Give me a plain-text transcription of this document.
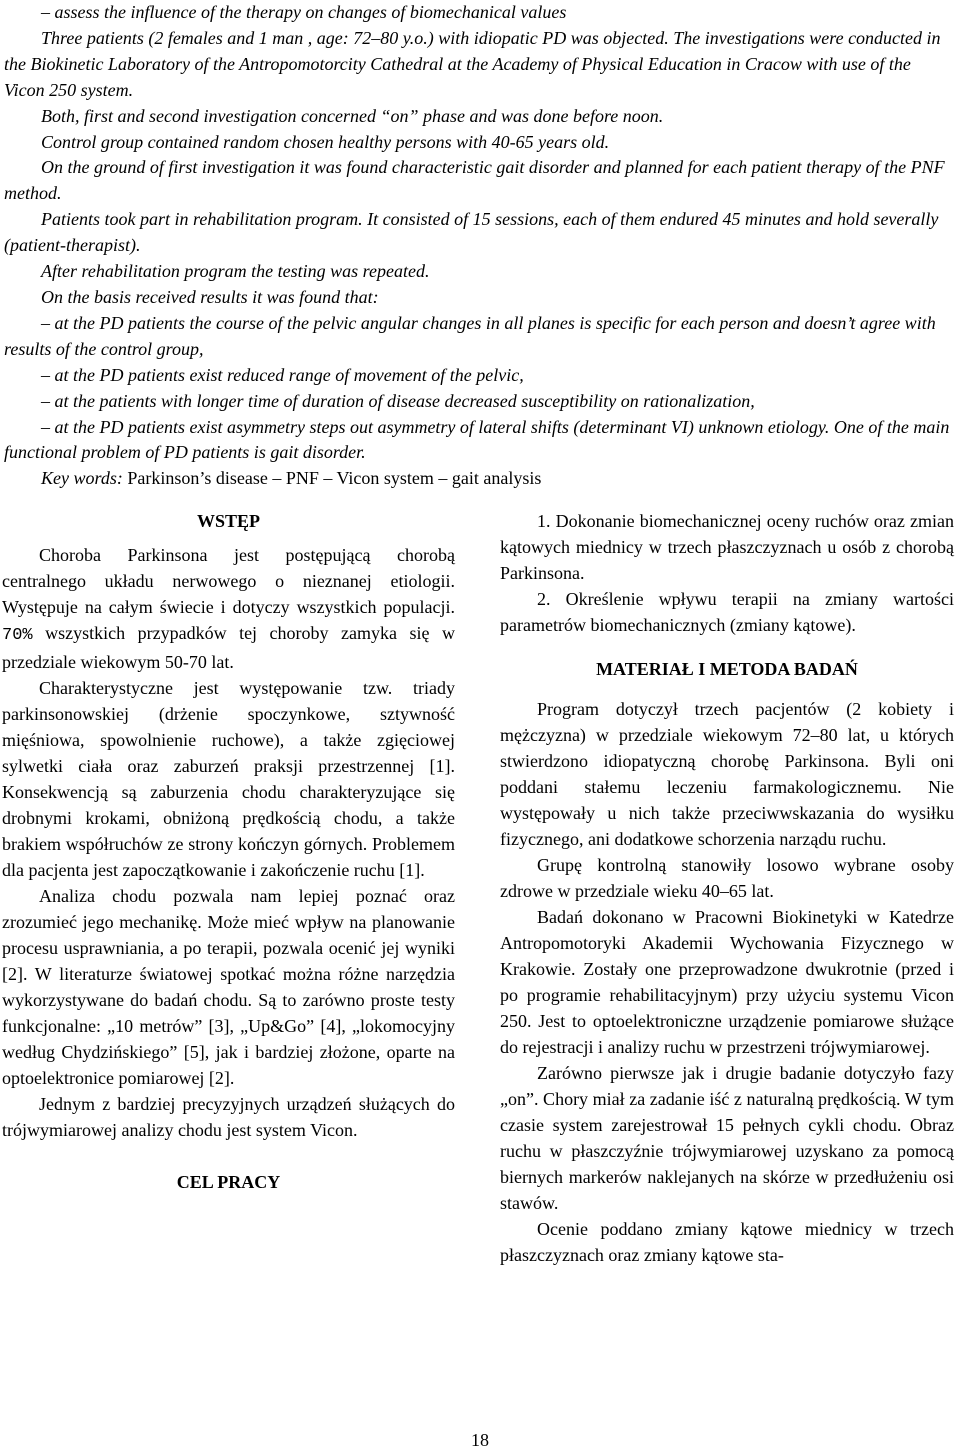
– assess the influence of the therapy on changes of biomechanical values

Three patients (2 females and 1 man , age: 72–80 y.o.) with idiopatic PD was objected. The investigations were conducted in the Biokinetic Laboratory of the Antropomotorcity Cathedral at the Academy of Physical Education in Cracow with use of the Vicon 250 system.

Both, first and second investigation concerned “on” phase and was done before noon.

Control group contained random chosen healthy persons with 40-65 years old.

On the ground of first investigation it was found characteristic gait disorder and planned for each patient therapy of the PNF method.

Patients took part in rehabilitation program. It consisted of 15 sessions, each of them endured 45 minutes and hold severally (patient-therapist).

After rehabilitation program the testing was repeated.

On the basis received results it was found that:

– at the PD patients the course of the pelvic angular changes in all planes is specific for each person and doesn’t agree with results of the control group,

– at the PD patients exist reduced range of movement of the pelvic,

– at the patients with longer time of duration of disease decreased susceptibility on rationalization,

– at the PD patients exist asymmetry steps out asymmetry of lateral shifts (determinant VI) unknown etiology. One of the main functional problem of PD patients is gait disorder.

Key words: Parkinson’s disease – PNF – Vicon system – gait analysis

WSTĘP

Choroba Parkinsona jest postępującą chorobą centralnego układu nerwowego o nieznanej etiologii. Występuje na całym świecie i dotyczy wszystkich populacji. 70% wszystkich przypadków tej choroby zamyka się w przedziale wiekowym 50-70 lat.

Charakterystyczne jest występowanie tzw. triady parkinsonowskiej (drżenie spoczynkowe, sztywność mięśniowa, spowolnienie ruchowe), a także zgięciowej sylwetki ciała oraz zaburzeń praksji przestrzennej [1]. Konsekwencją są zaburzenia chodu charakteryzujące się drobnymi krokami, obniżoną prędkością chodu, a także brakiem współruchów ze strony kończyn górnych. Problemem dla pacjenta jest zapoczątkowanie i zakończenie ruchu [1].

Analiza chodu pozwala nam lepiej poznać oraz zrozumieć jego mechanikę. Może mieć wpływ na planowanie procesu usprawniania, a po terapii, pozwala ocenić jej wyniki [2]. W literaturze światowej spotkać można różne narzędzia wykorzystywane do badań chodu. Są to zarówno proste testy funkcjonalne: „10 metrów” [3], „Up&Go” [4], „lokomocyjny według Chydzińskiego” [5], jak i bardziej złożone, oparte na optoelektronice pomiarowej [2].

Jednym z bardziej precyzyjnych urządzeń służących do trójwymiarowej analizy chodu jest system Vicon.

CEL PRACY

1. Dokonanie biomechanicznej oceny ruchów oraz zmian kątowych miednicy w trzech płaszczyznach u osób z chorobą Parkinsona.

2. Określenie wpływu terapii na zmiany wartości parametrów biomechanicznych (zmiany kątowe).

MATERIAŁ I METODA BADAŃ

Program dotyczył trzech pacjentów (2 kobiety i mężczyzna) w przedziale wiekowym 72–80 lat, u których stwierdzono idiopatyczną chorobę Parkinsona. Byli oni poddani stałemu leczeniu farmakologicznemu. Nie występowały u nich także przeciwwskazania do wysiłku fizycznego, ani dodatkowe schorzenia narządu ruchu.

Grupę kontrolną stanowiły losowo wybrane osoby zdrowe w przedziale wieku 40–65 lat.

Badań dokonano w Pracowni Biokinetyki w Katedrze Antropomotoryki Akademii Wychowania Fizycznego w Krakowie. Zostały one przeprowadzone dwukrotnie (przed i po programie rehabilitacyjnym) przy użyciu systemu Vicon 250. Jest to optoelektroniczne urządzenie pomiarowe służące do rejestracji i analizy ruchu w przestrzeni trójwymiarowej.

Zarówno pierwsze jak i drugie badanie dotyczyło fazy „on”. Chory miał za zadanie iść z naturalną prędkością. W tym czasie system zarejestrował 15 pełnych cykli chodu. Obraz ruchu w płaszczyźnie trójwymiarowej uzyskano za pomocą biernych markerów naklejanych na skórze w przedłużeniu osi stawów.

Ocenie poddano zmiany kątowe miednicy w trzech płaszczyznach oraz zmiany kątowe sta-

18
